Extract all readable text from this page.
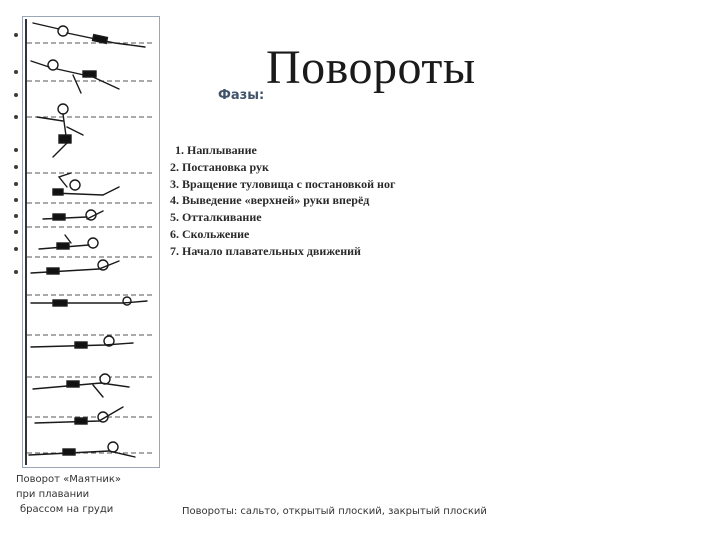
Повороты
Фазы:
1. Наплывание
2. Постановка рук
3. Вращение туловища с постановкой ног
4. Выведение «верхней» руки вперёд
5. Отталкивание
6. Скольжение
7. Начало плавательных движений
Поворот «Маятник»
при плавании
брассом на груди	Повороты: сальто, открытый плоский, закрытый плоский
